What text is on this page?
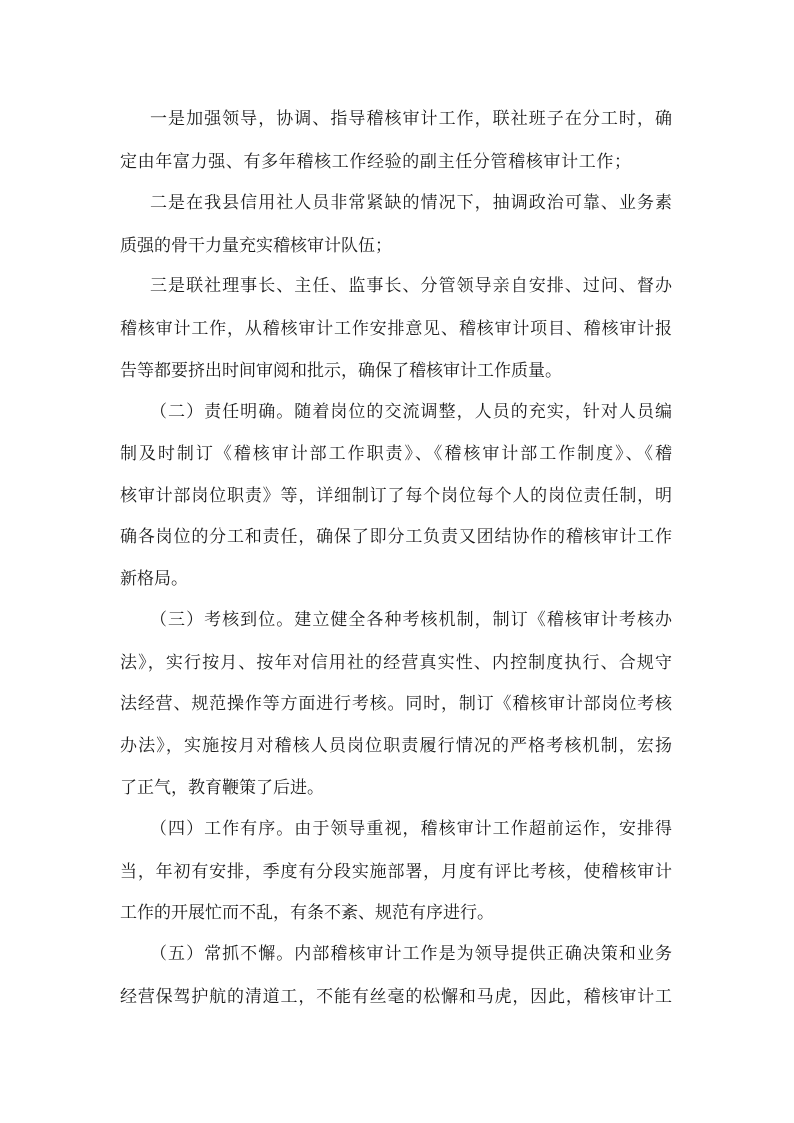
一是加强领导，协调、指导稽核审计工作，联社班子在分工时，确
定由年富力强、有多年稽核工作经验的副主任分管稽核审计工作；
二是在我县信用社人员非常紧缺的情况下，抽调政治可靠、业务素
质强的骨干力量充实稽核审计队伍；
三是联社理事长、主任、监事长、分管领导亲自安排、过问、督办
稽核审计工作，从稽核审计工作安排意见、稽核审计项目、稽核审计报
告等都要挤出时间审阅和批示，确保了稽核审计工作质量。
（二）责任明确。随着岗位的交流调整，人员的充实，针对人员编
制及时制订《稽核审计部工作职责》、《稽核审计部工作制度》、《稽
核审计部岗位职责》等，详细制订了每个岗位每个人的岗位责任制，明
确各岗位的分工和责任，确保了即分工负责又团结协作的稽核审计工作
新格局。
（三）考核到位。建立健全各种考核机制，制订《稽核审计考核办
法》，实行按月、按年对信用社的经营真实性、内控制度执行、合规守
法经营、规范操作等方面进行考核。同时，制订《稽核审计部岗位考核
办法》，实施按月对稽核人员岗位职责履行情况的严格考核机制，宏扬
了正气，教育鞭策了后进。
（四）工作有序。由于领导重视，稽核审计工作超前运作，安排得
当，年初有安排，季度有分段实施部署，月度有评比考核，使稽核审计
工作的开展忙而不乱，有条不紊、规范有序进行。
（五）常抓不懈。内部稽核审计工作是为领导提供正确决策和业务
经营保驾护航的清道工，不能有丝毫的松懈和马虎，因此，稽核审计工
